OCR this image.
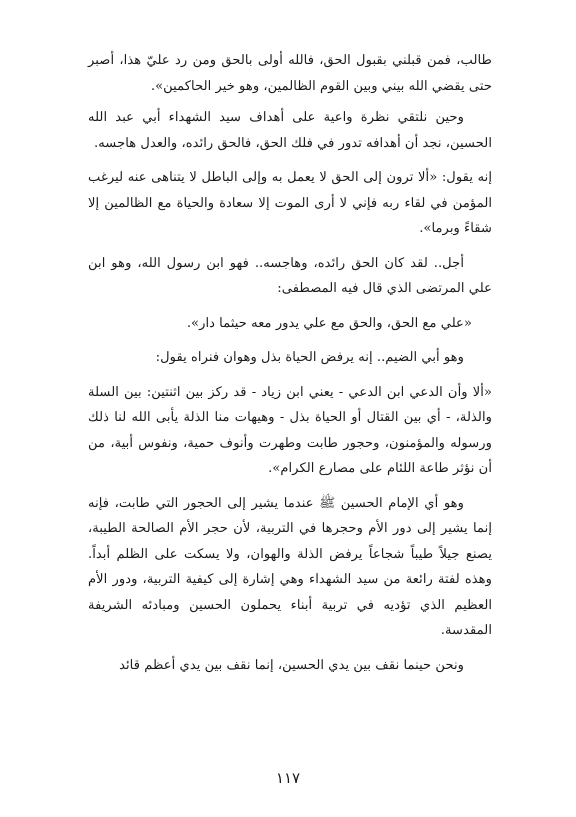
طالب، فمن قبلني بقبول الحق، فالله أولى بالحق ومن رد عليّ هذا، أصبر حتى يقضي الله بيني وبين القوم الظالمين، وهو خير الحاكمين».

وحين نلتقي نظرة واعية على أهداف سيد الشهداء أبي عبد الله الحسين، نجد أن أهدافه تدور في فلك الحق، فالحق رائده، والعدل هاجسه.

إنه يقول: «ألا ترون إلى الحق لا يعمل به وإلى الباطل لا يتناهى عنه ليرغب المؤمن في لقاء ربه فإني لا أرى الموت إلا سعادة والحياة مع الظالمين إلا شقاءً وبرما».

أجل.. لقد كان الحق رائده، وهاجسه.. فهو ابن رسول الله، وهو ابن علي المرتضى الذي قال فيه المصطفى:

«علي مع الحق، والحق مع علي يدور معه حيثما دار».

وهو أبي الضيم.. إنه يرفض الحياة بذل وهوان فنراه يقول:

«ألا وأن الدعي ابن الدعي - يعني ابن زياد - قد ركز بين اثنتين: بين السلة والذلة، - أي بين القتال أو الحياة بذل - وهيهات منا الذلة يأبى الله لنا ذلك ورسوله والمؤمنون، وحجور طابت وطهرت وأنوف حمية، ونفوس أبية، من أن نؤثر طاعة اللئام على مصارع الكرام».

وهو أي الإمام الحسين ﷺ عندما يشير إلى الحجور التي طابت، فإنه إنما يشير إلى دور الأم وحجرها في التربية، لأن حجر الأم الصالحة الطيبة، يصنع جيلاً طيباً شجاعاً يرفض الذلة والهوان، ولا يسكت على الظلم أبداً. وهذه لفتة رائعة من سيد الشهداء وهي إشارة إلى كيفية التربية، ودور الأم العظيم الذي تؤديه في تربية أبناء يحملون الحسين ومبادئه الشريفة المقدسة.

ونحن حينما نقف بين يدي الحسين، إنما نقف بين يدي أعظم قائد

١١٧
